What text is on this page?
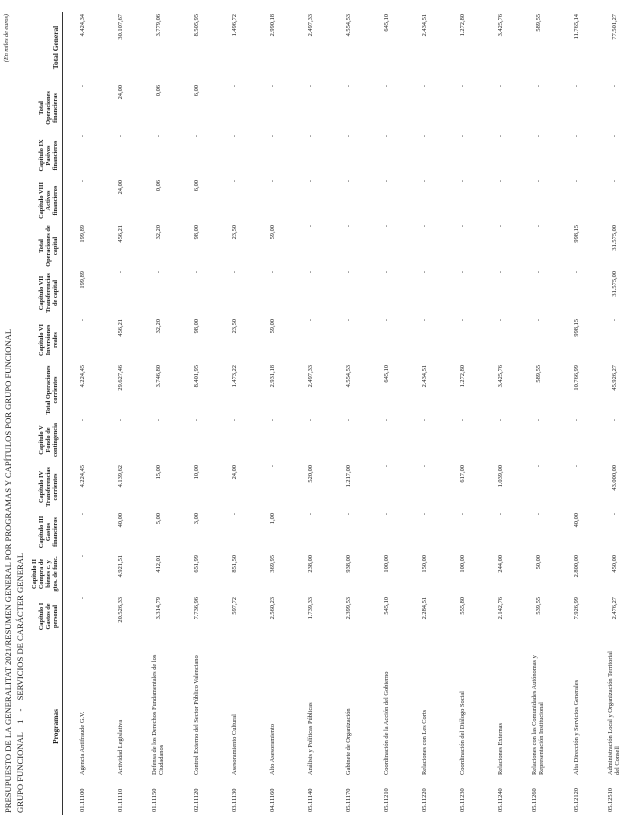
PRESUPUESTO DE LA GENERALITAT 2021/RESUMEN GENERAL POR PROGRAMAS Y CAPÍTULOS POR GRUPO FUNCIONAL GRUPO FUNCIONAL 1 - SERVICIOS DE CARÁCTER GENERAL
(En miles de euros)
Programas	Capítulo I Gastos de personal	Capítulo II Compra de bienes c. y gtos. de func.	Capítulo III Gastos financieros	Capítulo IV Transferencias corrientes	Capítulo V Fondo de contingencia	Total Operaciones corrientes	Capítulo VI Inversiones reales	Capítulo VII Transferencias de capital	Total Operaciones de capital	Capítulo VIII Activos financieros	Capítulo IX Pasivos financieros	Total Operaciones financieras	Total General
01.11100Agencia Antifraude G.V.	-	-	-	4.224,45	-	4.224,45	-	199,89	199,89	-	-	-	4.424,34
01.11110Actividad Legislativa	20.526,33	4.921,51	40,00	4.139,62	-	29.627,46	456,21	-	456,21	24,00	-	24,00	30.107,67
01.11150Defensa de los Derechos Fundamentales de los Ciudadanos	3.314,79	412,01	5,00	15,00	-	3.746,80	32,20	-	32,20	0,06	-	0,06	3.779,06
02.11120Control Externo del Sector Público Valenciano	7.736,96	651,99	3,00	10,00	-	8.401,95	98,00	-	98,00	6,00	-	6,00	8.505,95
03.11130Asesoramiento Cultural	597,72	851,50	-	24,00	-	1.473,22	23,50	-	23,50	-	-	-	1.496,72
04.11160Alto Asesoramiento	2.560,23	369,95	1,00	-	-	2.931,18	59,00	-	59,00	-	-	-	2.990,18
05.11140Análisis y Políticas Públicas	1.739,33	238,00	-	520,00	-	2.497,33	-	-	-	-	-	-	2.497,33
05.11170Gabinete de Organización	2.399,53	938,00	-	1.217,00	-	4.554,53	-	-	-	-	-	-	4.554,53
05.11210Coordinación de la Acción del Gobierno	545,10	100,00	-	-	-	645,10	-	-	-	-	-	-	645,10
05.11220Relaciones con Les Corts	2.284,51	150,00	-	-	-	2.434,51	-	-	-	-	-	-	2.434,51
05.11230Coordinación del Diálogo Social	555,80	100,00	-	617,00	-	1.272,80	-	-	-	-	-	-	1.272,80
05.11240Relaciones Externas	2.142,76	244,00	-	1.039,00	-	3.425,76	-	-	-	-	-	-	3.425,76
05.11260Relaciones con las Comunidades Autónomas y Representación Institucional	539,55	50,00	-	-	-	589,55	-	-	-	-	-	-	589,55
05.12120Alta Dirección y Servicios Generales	7.926,99	2.800,00	40,00	-	-	10.766,99	998,15	-	998,15	-	-	-	11.765,14
05.12510Administración Local y Organización Territorial del Consell	2.476,27	450,00	-	43.000,00	-	45.926,27	-	31.575,00	31.575,00	-	-	-	77.501,27
